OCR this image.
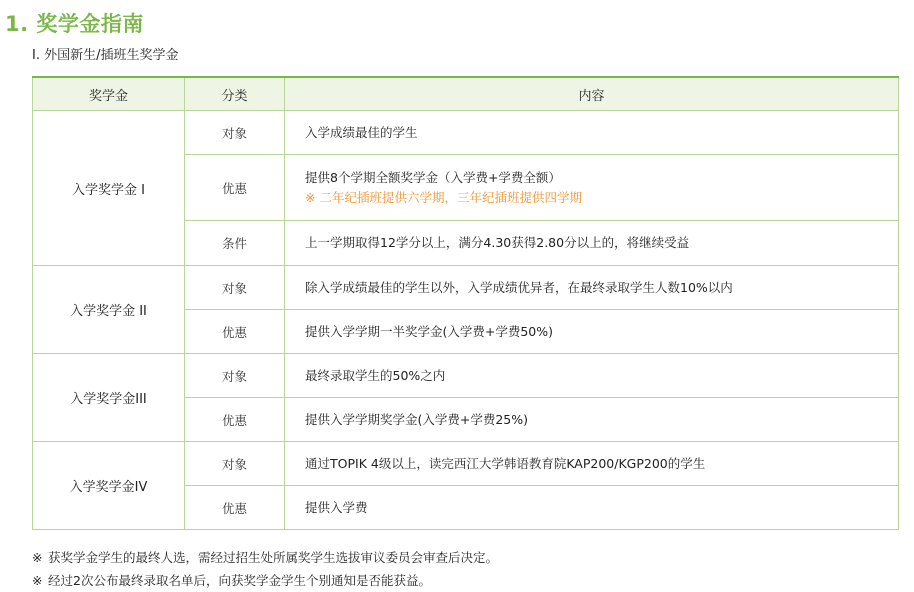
1. 奖学金指南
I. 外国新生/插班生奖学金
奖学金	分类	内容
入学奖学金 I	对象	入学成绩最佳的学生
	优惠	提供8个学期全额奖学金（入学费+学费全额）
※ 二年纪插班提供六学期，三年纪插班提供四学期

	条件	上一学期取得12学分以上，满分4.30获得2.80分以上的，将继续受益
入学奖学金 II	对象	除入学成绩最佳的学生以外，入学成绩优异者，在最终录取学生人数10%以内
	优惠	提供入学学期一半奖学金(入学费+学费50%)
入学奖学金III	对象	最终录取学生的50%之内
	优惠	提供入学学期奖学金(入学费+学费25%)
入学奖学金IV	对象	通过TOPIK 4级以上，读完西江大学韩语教育院KAP200/KGP200的学生
	优惠	提供入学费
※ 获奖学金学生的最终人选，需经过招生处所属奖学生选拔审议委员会审查后决定。
※ 经过2次公布最终录取名单后，向获奖学金学生个别通知是否能获益。
